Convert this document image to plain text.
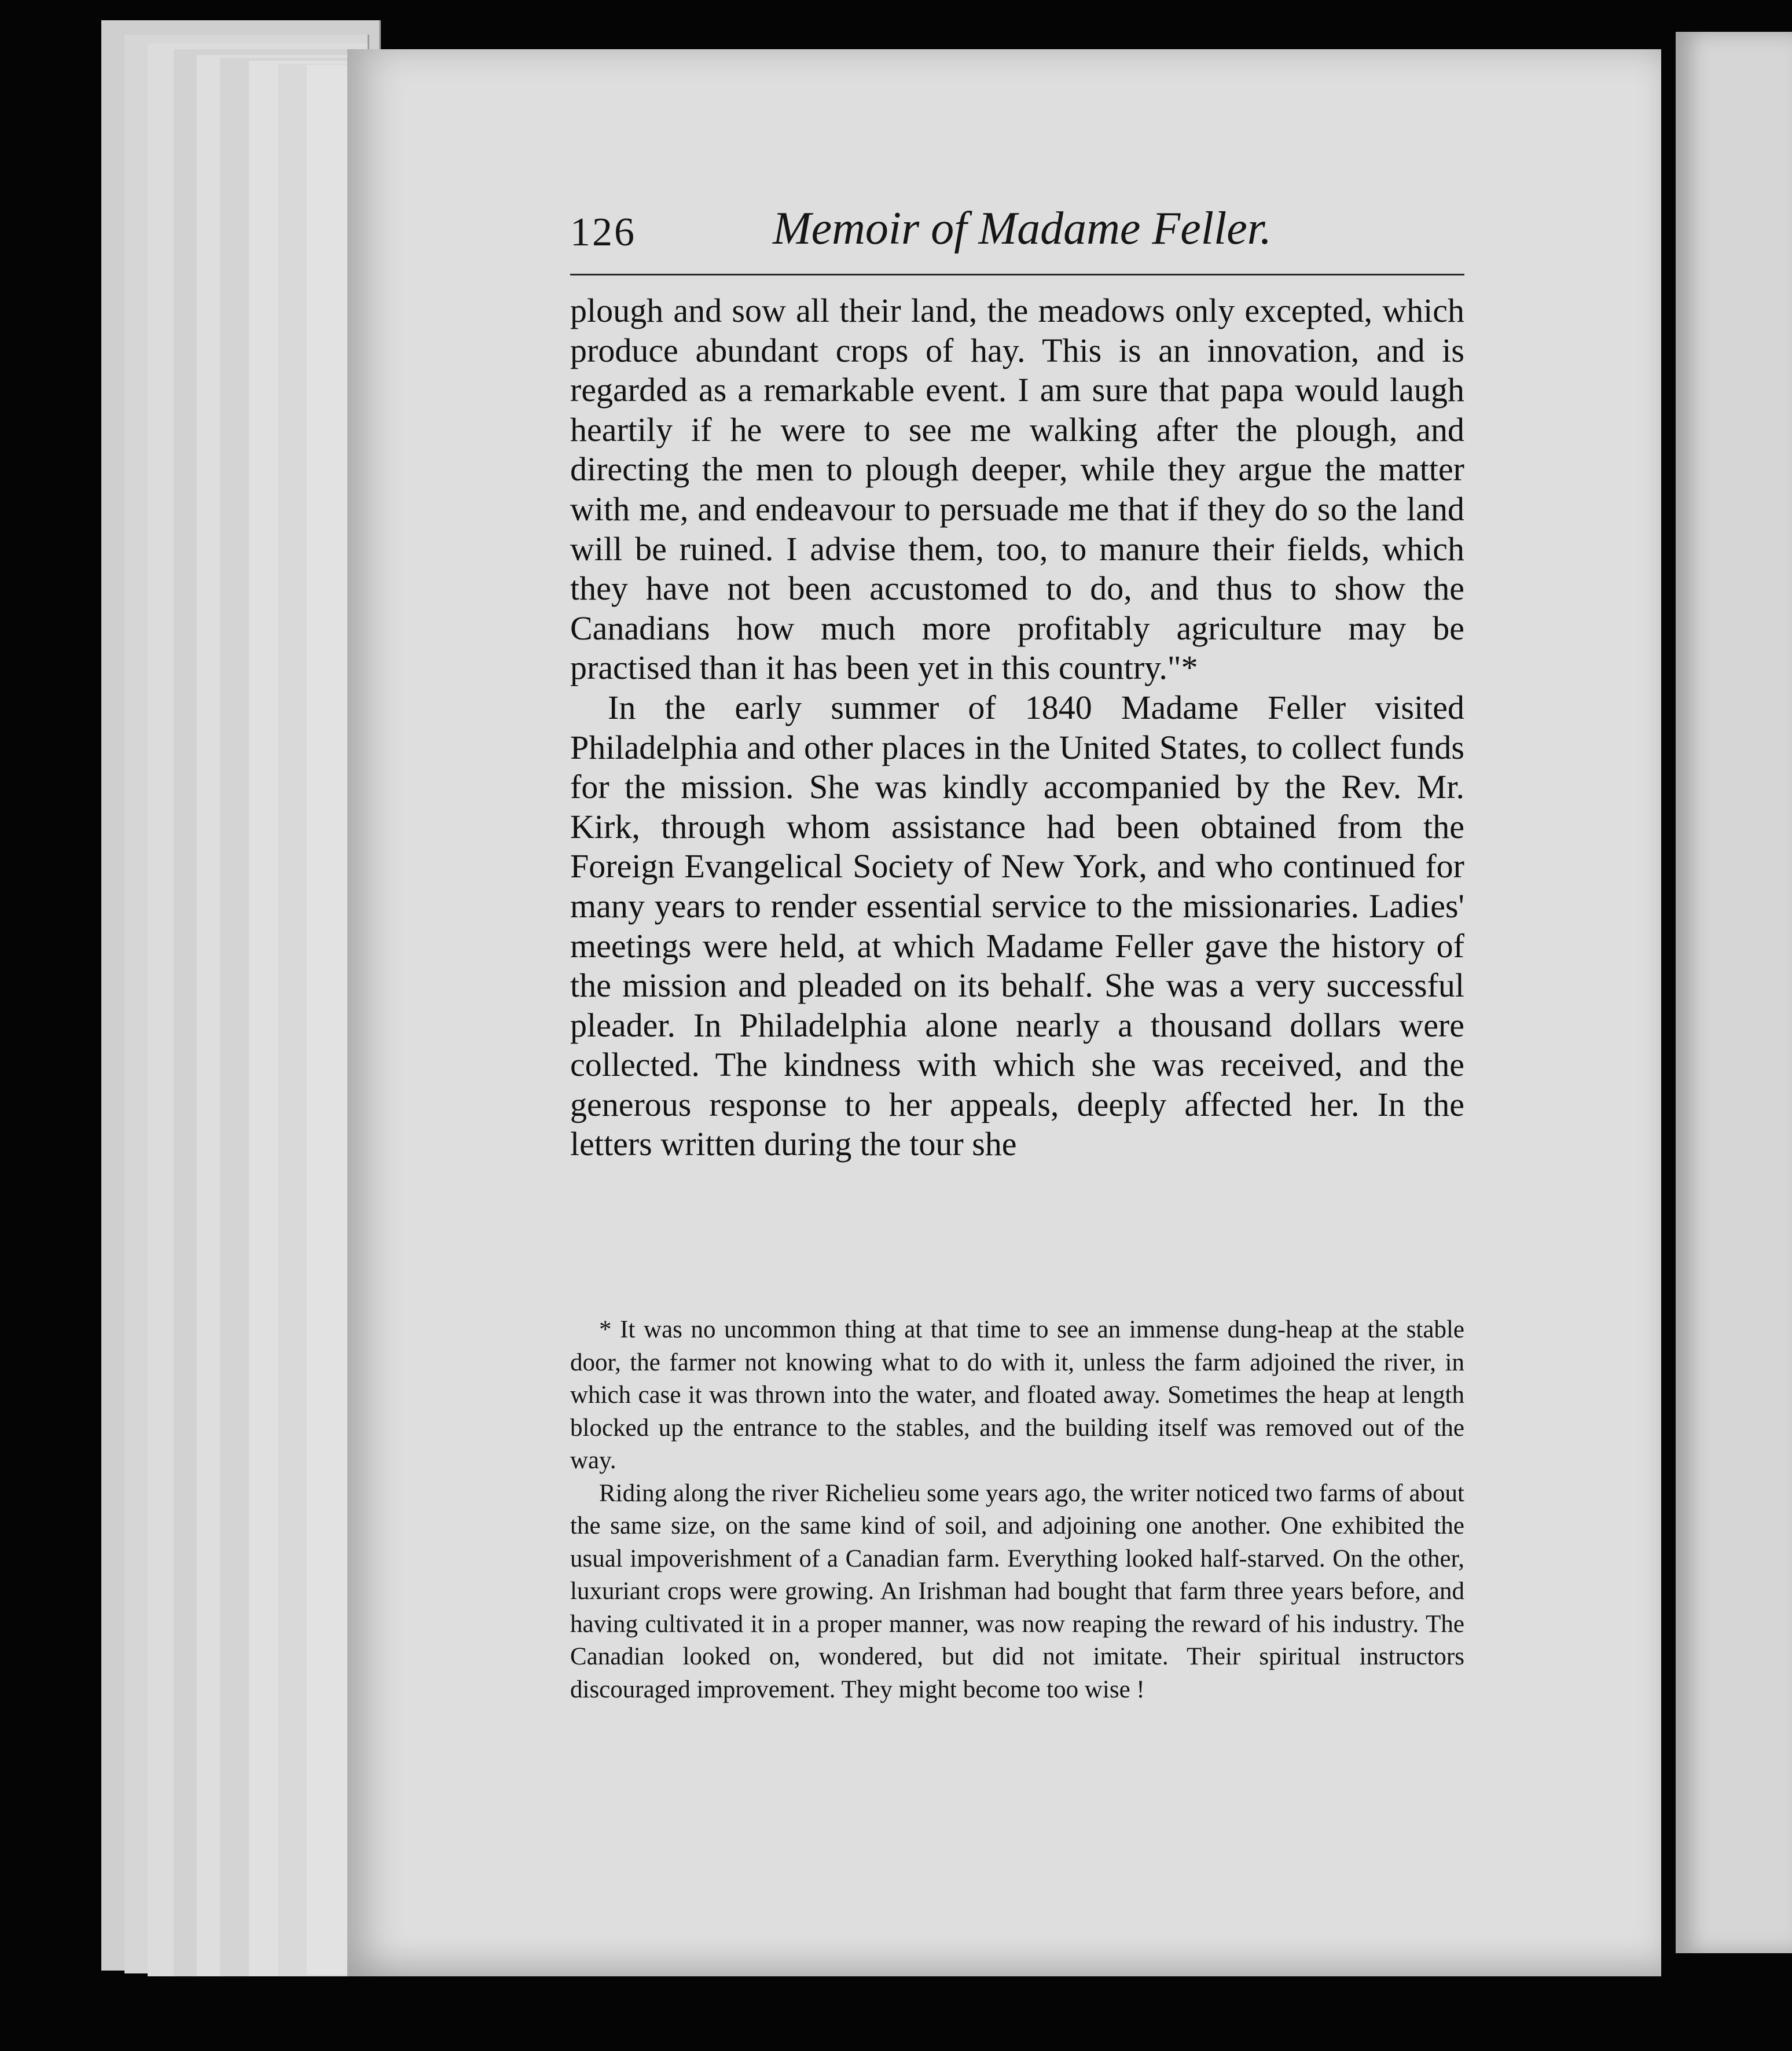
126	Memoir of Madame Feller.

plough and sow all their land, the meadows only excepted, which produce abundant crops of hay. This is an innovation, and is regarded as a remarkable event. I am sure that papa would laugh heartily if he were to see me walking after the plough, and directing the men to plough deeper, while they argue the matter with me, and endeavour to persuade me that if they do so the land will be ruined. I advise them, too, to manure their fields, which they have not been accustomed to do, and thus to show the Canadians how much more profitably agriculture may be practised than it has been yet in this country."*

In the early summer of 1840 Madame Feller visited Philadelphia and other places in the United States, to collect funds for the mission. She was kindly accompanied by the Rev. Mr. Kirk, through whom assistance had been obtained from the Foreign Evangelical Society of New York, and who continued for many years to render essential service to the missionaries. Ladies' meetings were held, at which Madame Feller gave the history of the mission and pleaded on its behalf. She was a very successful pleader. In Philadelphia alone nearly a thousand dollars were collected. The kindness with which she was received, and the generous response to her appeals, deeply affected her. In the letters written during the tour she

* It was no uncommon thing at that time to see an immense dung-heap at the stable door, the farmer not knowing what to do with it, unless the farm adjoined the river, in which case it was thrown into the water, and floated away. Sometimes the heap at length blocked up the entrance to the stables, and the building itself was removed out of the way.

Riding along the river Richelieu some years ago, the writer noticed two farms of about the same size, on the same kind of soil, and adjoining one another. One exhibited the usual impoverishment of a Canadian farm. Everything looked half-starved. On the other, luxuriant crops were growing. An Irishman had bought that farm three years before, and having cultivated it in a proper manner, was now reaping the reward of his industry. The Canadian looked on, wondered, but did not imitate. Their spiritual instructors discouraged improvement. They might become too wise !
